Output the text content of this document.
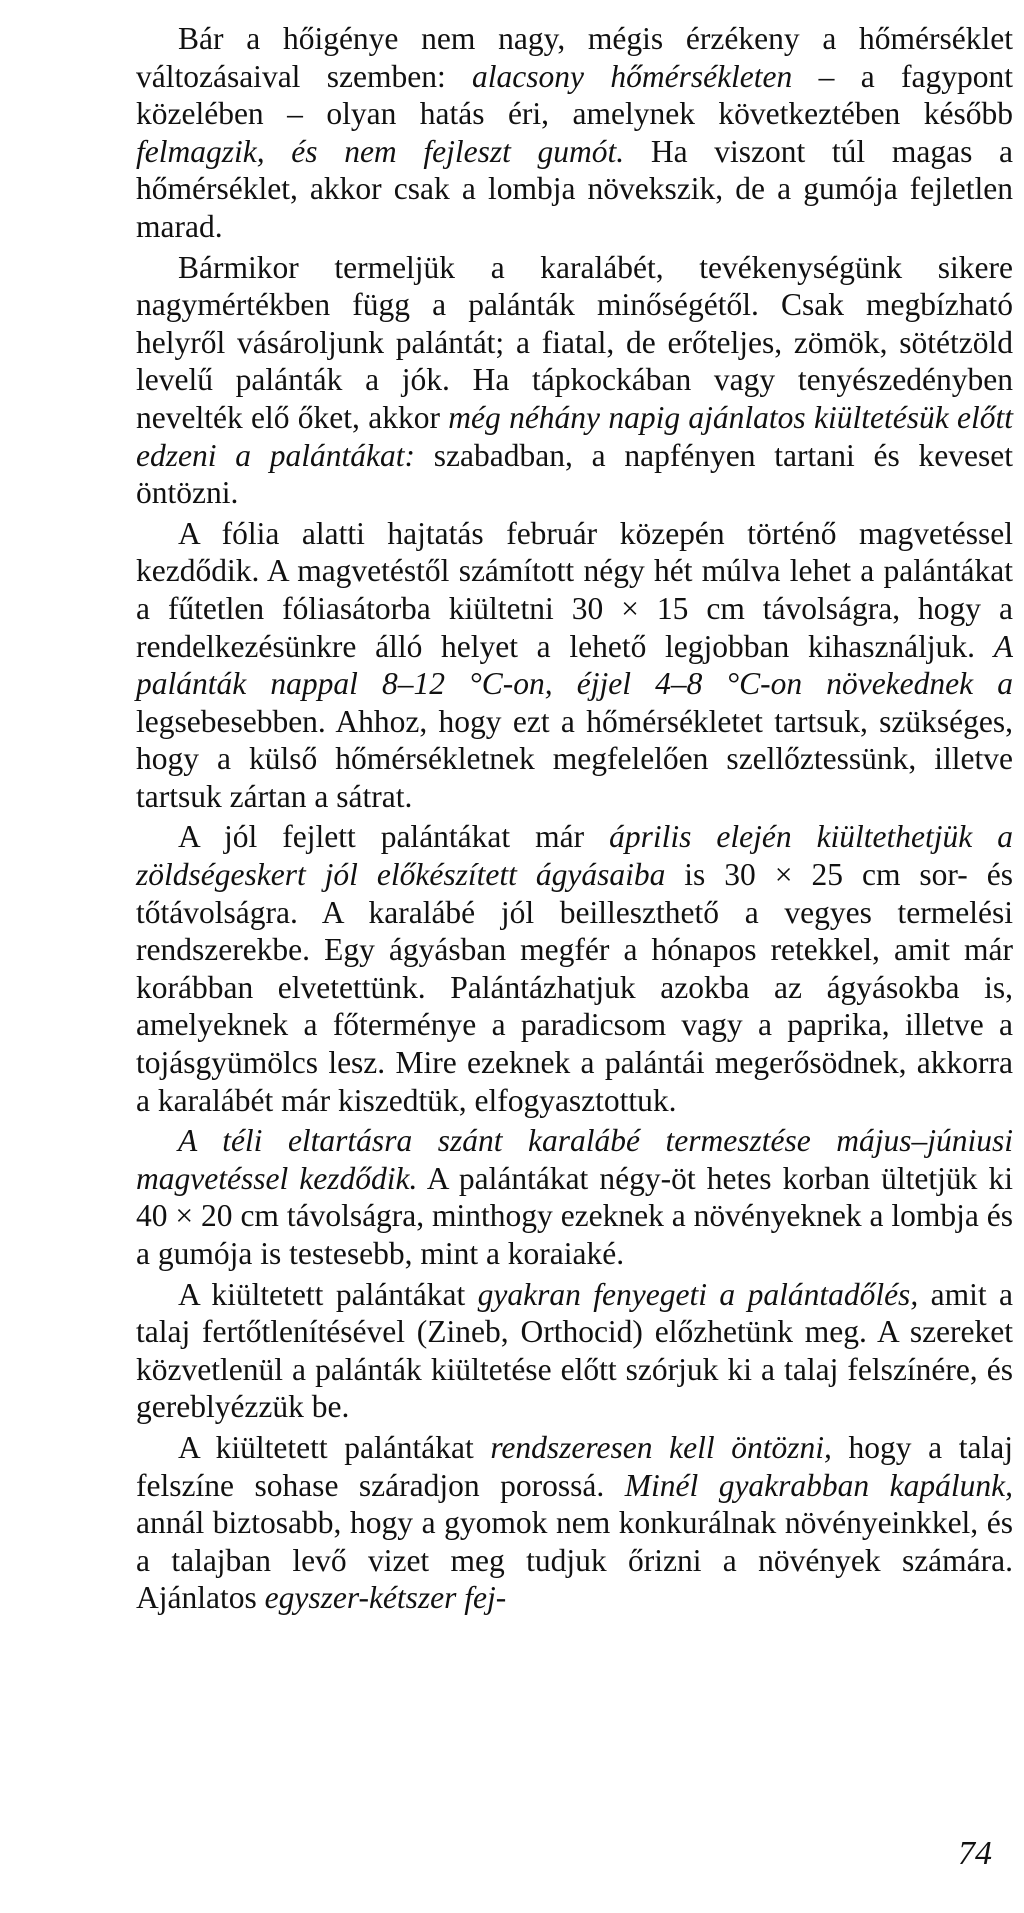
Bár a hőigénye nem nagy, mégis érzékeny a hőmérséklet változásaival szemben: alacsony hőmérsékleten – a fagypont közelében – olyan hatás éri, amelynek következtében később felmagzik, és nem fejleszt gumót. Ha viszont túl magas a hőmérséklet, akkor csak a lombja növekszik, de a gumója fejletlen marad.

Bármikor termeljük a karalábét, tevékenységünk sikere nagymértékben függ a palánták minőségétől. Csak megbízható helyről vásároljunk palántát; a fiatal, de erőteljes, zömök, sötétzöld levelű palánták a jók. Ha tápkockában vagy tenyészedényben nevelték elő őket, akkor még néhány napig ajánlatos kiültetésük előtt edzeni a palántákat: szabadban, a napfényen tartani és keveset öntözni.

A fólia alatti hajtatás február közepén történő magvetéssel kezdődik. A magvetéstől számított négy hét múlva lehet a palántákat a fűtetlen fóliasátorba kiültetni 30 × 15 cm távolságra, hogy a rendelkezésünkre álló helyet a lehető legjobban kihasználjuk. A palánták nappal 8–12 °C-on, éjjel 4–8 °C-on növekednek a legsebesebben. Ahhoz, hogy ezt a hőmérsékletet tartsuk, szükséges, hogy a külső hőmérsékletnek megfelelően szellőztessünk, illetve tartsuk zártan a sátrat.

A jól fejlett palántákat már április elején kiültethetjük a zöldségeskert jól előkészített ágyásaiba is 30 × 25 cm sor- és tőtávolságra. A karalábé jól beilleszthető a vegyes termelési rendszerekbe. Egy ágyásban megfér a hónapos retekkel, amit már korábban elvetettünk. Palántázhatjuk azokba az ágyásokba is, amelyeknek a főterménye a paradicsom vagy a paprika, illetve a tojásgyümölcs lesz. Mire ezeknek a palántái megerősödnek, akkorra a karalábét már kiszedtük, elfogyasztottuk.

A téli eltartásra szánt karalábé termesztése május–júniusi magvetéssel kezdődik. A palántákat négy-öt hetes korban ültetjük ki 40 × 20 cm távolságra, minthogy ezeknek a növényeknek a lombja és a gumója is testesebb, mint a koraiaké.

A kiültetett palántákat gyakran fenyegeti a palántadőlés, amit a talaj fertőtlenítésével (Zineb, Orthocid) előzhetünk meg. A szereket közvetlenül a palánták kiültetése előtt szórjuk ki a talaj felszínére, és gereblyézzük be.

A kiültetett palántákat rendszeresen kell öntözni, hogy a talaj felszíne sohase száradjon porossá. Minél gyakrabban kapálunk, annál biztosabb, hogy a gyomok nem konkurálnak növényeinkkel, és a talajban levő vizet meg tudjuk őrizni a növények számára. Ajánlatos egyszer-kétszer fej-

74
